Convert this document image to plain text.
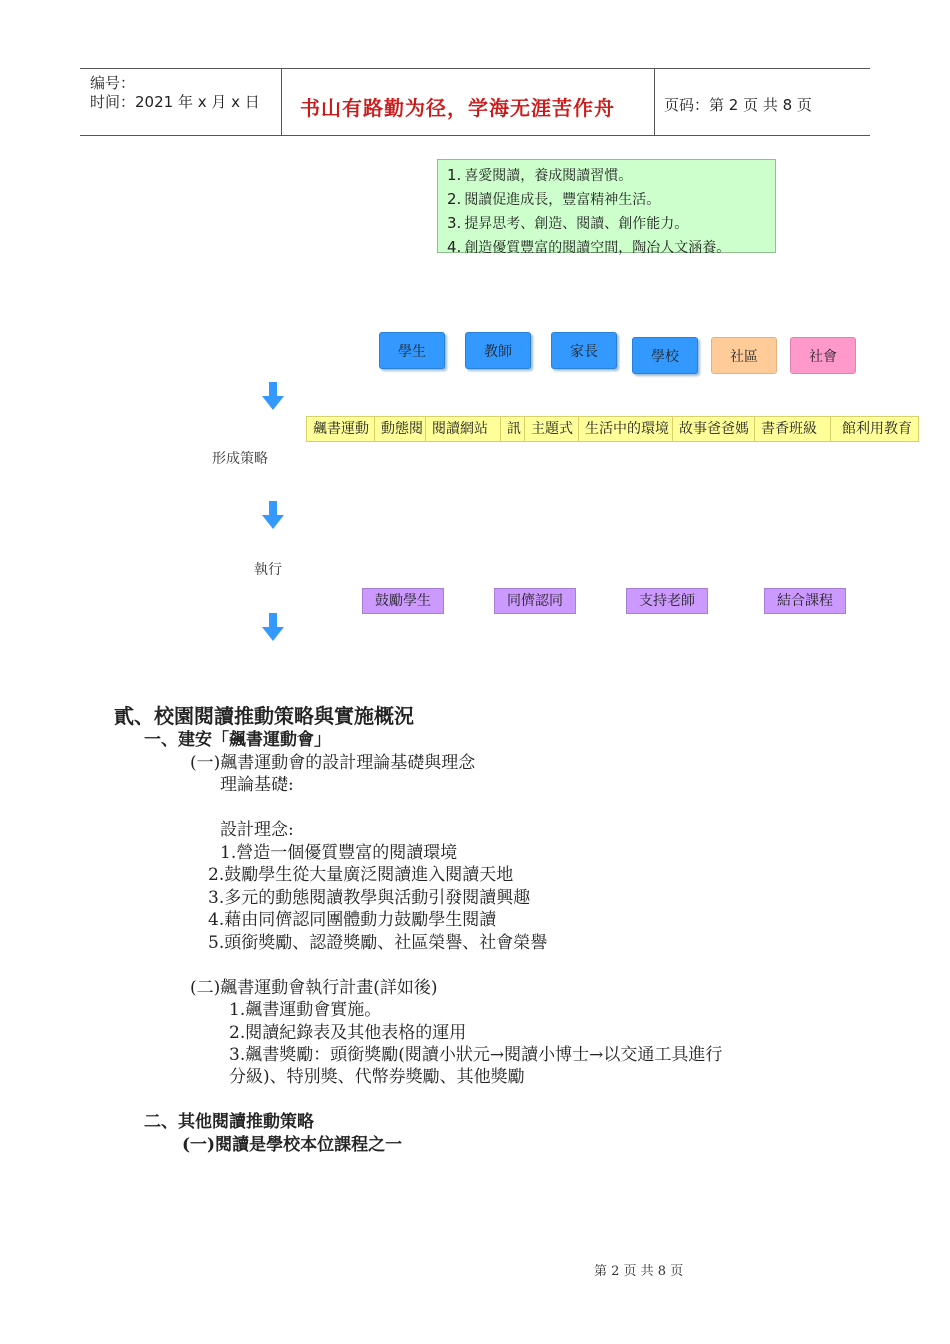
编号：
时间：2021 年 x 月 x 日 书山有路勤为径，学海无涯苦作舟	页码：第 2 页 共 8 页
1. 喜愛閱讀，養成閱讀習慣。
2. 閱讀促進成長，豐富精神生活。
3. 提昇思考、創造、閱讀、創作能力。
4. 創造優質豐富的閱讀空間，陶冶人文涵養。
學生	教師	家長	學校	社區	社會
飆書運動 動態閱 閱讀網站	訊 主題式 生活中的環境 故事爸爸媽 書香班級	館利用教育
形成策略
執行
鼓勵學生	同儕認同	支持老師	結合課程
貳、校園閱讀推動策略與實施概況
一、建安「飆書運動會」
(一)飆書運動會的設計理論基礎與理念
理論基礎:
設計理念:
1.營造一個優質豐富的閱讀環境
2.鼓勵學生從大量廣泛閱讀進入閱讀天地
3.多元的動態閱讀教學與活動引發閱讀興趣
4.藉由同儕認同團體動力鼓勵學生閱讀
5.頭銜獎勵、認證獎勵、社區榮譽、社會榮譽
(二)飆書運動會執行計畫(詳如後)
1.飆書運動會實施。
2.閱讀紀錄表及其他表格的運用
3.飆書獎勵：頭銜獎勵(閱讀小狀元→閱讀小博士→以交通工具進行
分級)、特別獎、代幣券獎勵、其他獎勵
二、其他閱讀推動策略
(一)閱讀是學校本位課程之一
第 2 页 共 8 页
